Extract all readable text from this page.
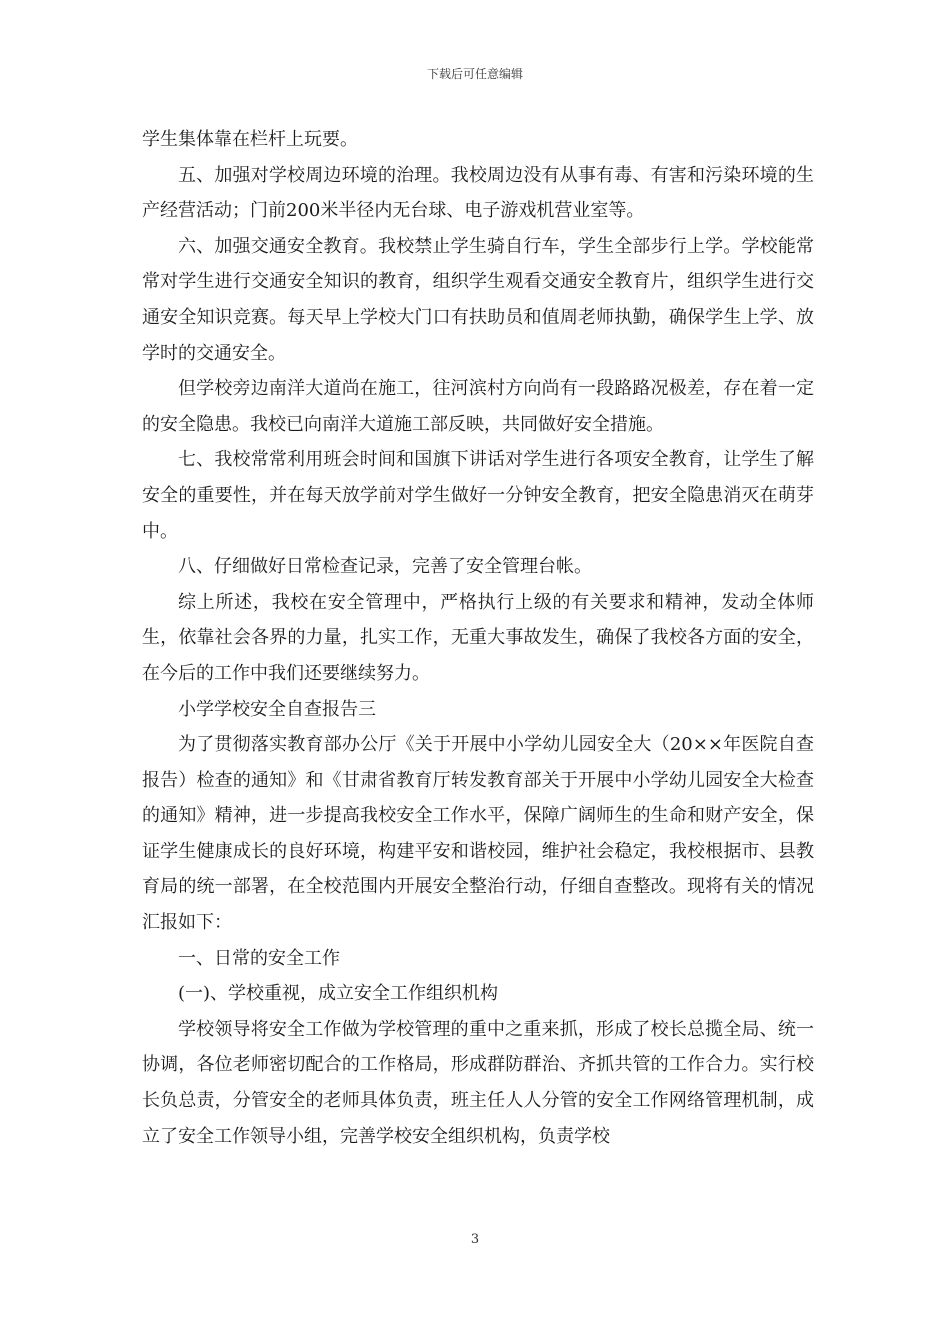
下载后可任意编辑

学生集体靠在栏杆上玩要。

五、加强对学校周边环境的治理。我校周边没有从事有毒、有害和污染环境的生产经营活动；门前200米半径内无台球、电子游戏机营业室等。

六、加强交通安全教育。我校禁止学生骑自行车，学生全部步行上学。学校能常常对学生进行交通安全知识的教育，组织学生观看交通安全教育片，组织学生进行交通安全知识竞赛。每天早上学校大门口有扶助员和值周老师执勤，确保学生上学、放学时的交通安全。

但学校旁边南洋大道尚在施工，往河滨村方向尚有一段路路况极差，存在着一定的安全隐患。我校已向南洋大道施工部反映，共同做好安全措施。

七、我校常常利用班会时间和国旗下讲话对学生进行各项安全教育，让学生了解安全的重要性，并在每天放学前对学生做好一分钟安全教育，把安全隐患消灭在萌芽中。

八、仔细做好日常检查记录，完善了安全管理台帐。

综上所述，我校在安全管理中，严格执行上级的有关要求和精神，发动全体师生，依靠社会各界的力量，扎实工作，无重大事故发生，确保了我校各方面的安全，在今后的工作中我们还要继续努力。

小学学校安全自查报告三

为了贯彻落实教育部办公厅《关于开展中小学幼儿园安全大（20××年医院自查报告）检查的通知》和《甘肃省教育厅转发教育部关于开展中小学幼儿园安全大检查的通知》精神，进一步提高我校安全工作水平，保障广阔师生的生命和财产安全，保证学生健康成长的良好环境，构建平安和谐校园，维护社会稳定，我校根据市、县教育局的统一部署，在全校范围内开展安全整治行动，仔细自查整改。现将有关的情况汇报如下：

一、日常的安全工作

(一)、学校重视，成立安全工作组织机构

学校领导将安全工作做为学校管理的重中之重来抓，形成了校长总揽全局、统一协调，各位老师密切配合的工作格局，形成群防群治、齐抓共管的工作合力。实行校长负总责，分管安全的老师具体负责，班主任人人分管的安全工作网络管理机制，成立了安全工作领导小组，完善学校安全组织机构，负责学校

3
